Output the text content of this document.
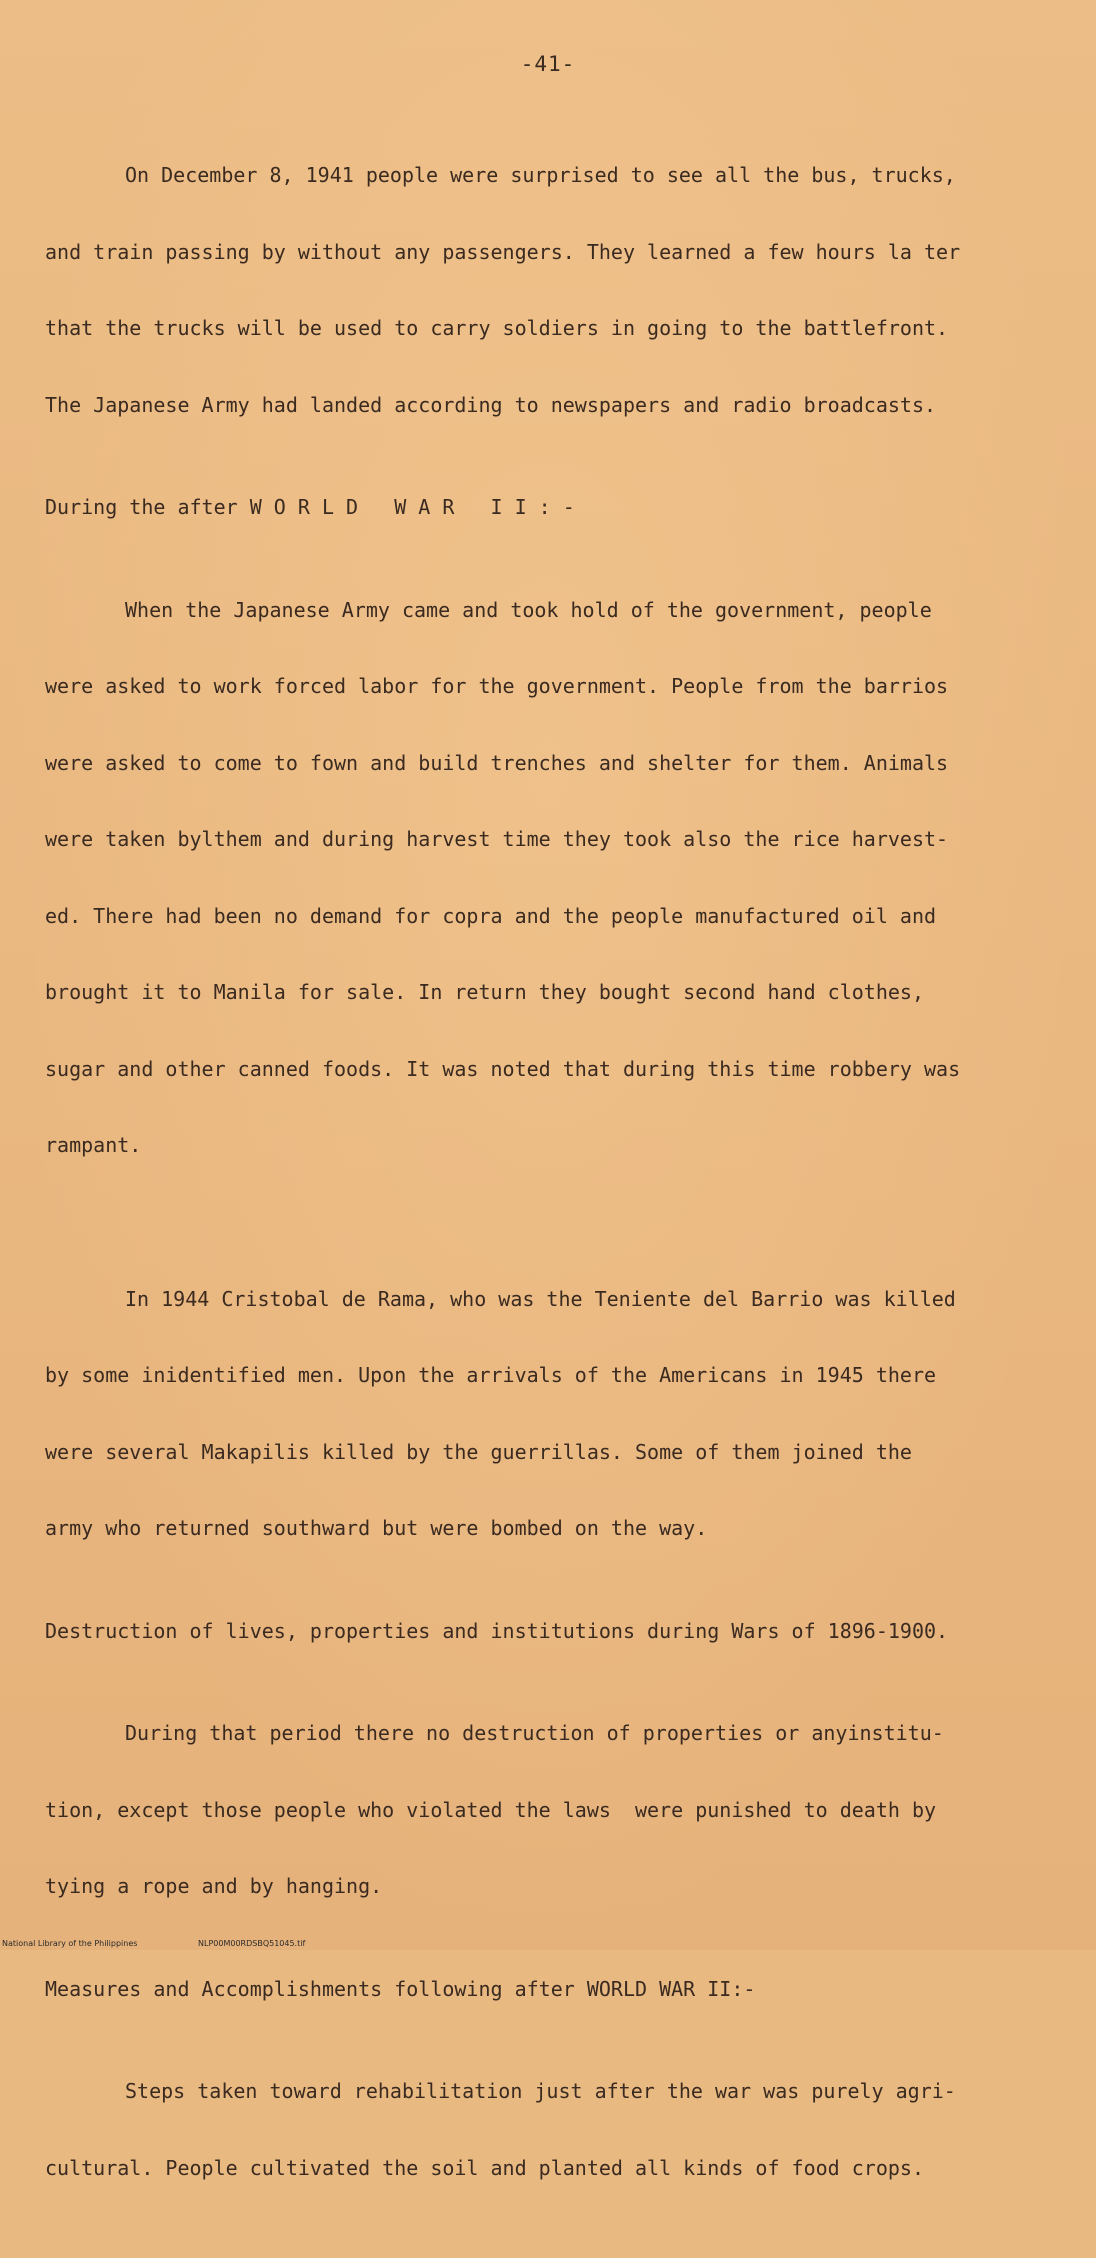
-41-

On December 8, 1941 people were surprised to see all the bus, trucks,

and train passing by without any passengers. They learned a few hours la ter

that the trucks will be used to carry soldiers in going to the battlefront.

The Japanese Army had landed according to newspapers and radio broadcasts.

During the after W O R L D   W A R   I I : -

When the Japanese Army came and took hold of the government, people

were asked to work forced labor for the government. People from the barrios

were asked to come to fown and build trenches and shelter for them. Animals

were taken bylthem and during harvest time they took also the rice harvest-

ed. There had been no demand for copra and the people manufactured oil and

brought it to Manila for sale. In return they bought second hand clothes,

sugar and other canned foods. It was noted that during this time robbery was

rampant.

In 1944 Cristobal de Rama, who was the Teniente del Barrio was killed

by some inidentified men. Upon the arrivals of the Americans in 1945 there

were several Makapilis killed by the guerrillas. Some of them joined the

army who returned southward but were bombed on the way.

Destruction of lives, properties and institutions during Wars of 1896-1900.

During that period there no destruction of properties or anyinstitu-

tion, except those people who violated the laws  were punished to death by

tying a rope and by hanging.

Measures and Accomplishments following after WORLD WAR II:-

Steps taken toward rehabilitation just after the war was purely agri-

cultural. People cultivated the soil and planted all kinds of food crops.

National Library of the Philippines	NLP00M00RDSBQ51045.tif
